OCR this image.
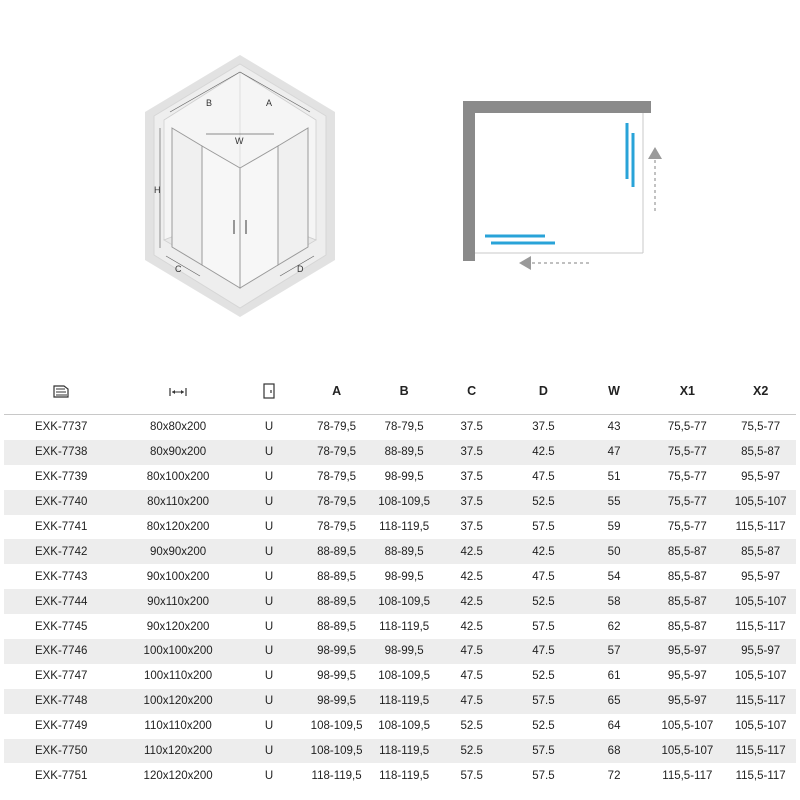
B	A
W
H
C	D
			A	B	C	D	W	X1	X2
EXK-7737	80x80x200	U	78-79,5	78-79,5	37.5	37.5	43	75,5-77	75,5-77
EXK-7738	80x90x200	U	78-79,5	88-89,5	37.5	42.5	47	75,5-77	85,5-87
EXK-7739	80x100x200	U	78-79,5	98-99,5	37.5	47.5	51	75,5-77	95,5-97
EXK-7740	80x110x200	U	78-79,5	108-109,5	37.5	52.5	55	75,5-77	105,5-107
EXK-7741	80x120x200	U	78-79,5	118-119,5	37.5	57.5	59	75,5-77	115,5-117
EXK-7742	90x90x200	U	88-89,5	88-89,5	42.5	42.5	50	85,5-87	85,5-87
EXK-7743	90x100x200	U	88-89,5	98-99,5	42.5	47.5	54	85,5-87	95,5-97
EXK-7744	90x110x200	U	88-89,5	108-109,5	42.5	52.5	58	85,5-87	105,5-107
EXK-7745	90x120x200	U	88-89,5	118-119,5	42.5	57.5	62	85,5-87	115,5-117
EXK-7746	100x100x200	U	98-99,5	98-99,5	47.5	47.5	57	95,5-97	95,5-97
EXK-7747	100x110x200	U	98-99,5	108-109,5	47.5	52.5	61	95,5-97	105,5-107
EXK-7748	100x120x200	U	98-99,5	118-119,5	47.5	57.5	65	95,5-97	115,5-117
EXK-7749	110x110x200	U	108-109,5	108-109,5	52.5	52.5	64	105,5-107	105,5-107
EXK-7750	110x120x200	U	108-109,5	118-119,5	52.5	57.5	68	105,5-107	115,5-117
EXK-7751	120x120x200	U	118-119,5	118-119,5	57.5	57.5	72	115,5-117	115,5-117
